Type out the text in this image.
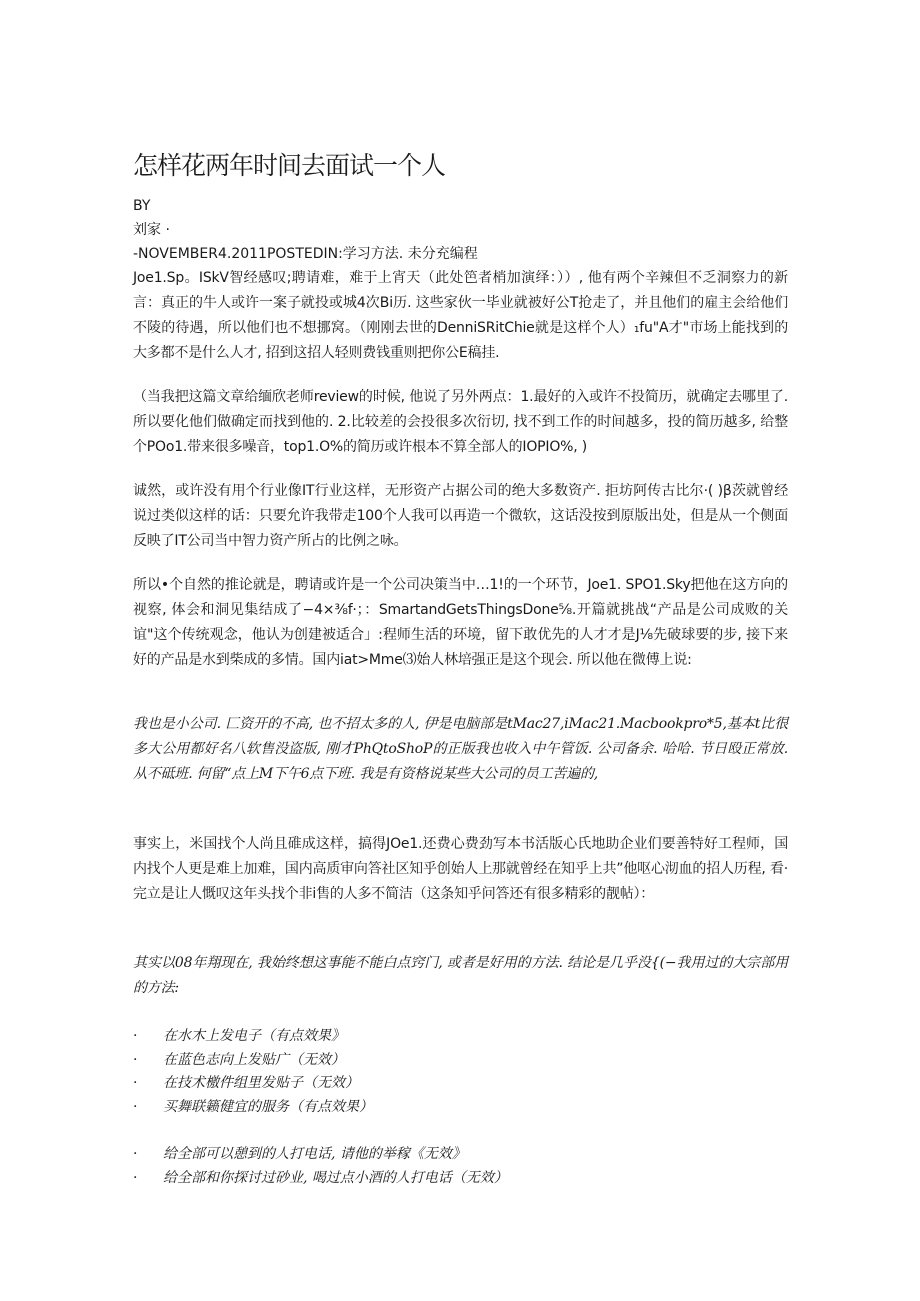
怎样花两年时间去面试一个人
BY
刘家 ·
-NOVEMBER4.2011POSTEDIN:学习方法. 未分充编程
Joe1.Sp。ISkV智经感叹;聘请难，难于上宵天（此处笆者梢加演绎：））, 他有两个辛辣但不乏洞察力的新言：真正的牛人或许一案子就投或城4次Bi历. 这些家伙一毕业就被好公T抢走了，并且他们的雇主会给他们不陵的待遇，所以他们也不想挪窝。（刚刚去世的DenniSRitChie就是这样个人）₁fu"A才"市场上能找到的大多都不是什么人才, 招到这招人轻则费钱重则把你公E稿挂.
（当我把这篇文章给缅欣老师review的时候, 他说了另外两点：1.最好的入或许不投简历，就确定去哪里了. 所以要化他们做确定而找到他的. 2.比较差的会投很多次衍切, 找不到工作的时间越多，投的简历越多, 给整个POo1.带来很多噪音，top1.O%的简历或许根本不算全部人的IOPIO%, )
诚然，或许没有用个行业像IT行业这样，无形资产占据公司的绝大多数资产. 拒坊阿传古比尔·( )β茨就曾经说过类似这样的话：只要允许我带走100个人我可以再造一个微软，这话没按到原版出处，但是从一个侧面反映了IT公司当中智力资产所占的比例之咏。
所以•个自然的推论就是，聘请或许是一个公司决策当中…1!的一个环节，Joe1. SPO1.Sky把他在这方向的视察, 体会和洞见集结成了−4×⅜f·；：SmartandGetsThingsDone⅝.开篇就挑战“产品是公司成败的关谊"这个传统观念，他认为创建被适合」:程师生活的环境，留下敢优先的人才才是J⅛先破球要的步, 接下来好的产品是水到柴成的多情。国内iat>Mme⑶始人林培强正是这个现会. 所以他在微傅上说:
我也是小公司. 匚资开的不高, 也不招太多的人, 伊是电脑部是tMac27,iMac21.Macbookpro*5,基本t比很多大公用都好名八软售没盗版, 刚才PhQtoShoP的正版我也收入中午管饭. 公司备余. 哈哈. 节日殴正常放. 从不砥班. 何留“点上M下午6点下班. 我是有资格说某些大公司的员工苦遍的,
事实上，米国找个人尚且碓成这样，搞得JOe1.还费心费劲写本书活版心氏地助企业们要善特好工程师，国内找个人更是难上加难，国内高质审向答社区知乎创始人上那就曾经在知乎上共”他呕心沏血的招人历程, 看·完立是让人慨叹这年头找个非i售的人多不简洁（这条知乎问答还有很多精彩的靓帖）：
其实以08年翔现在, 我始终想这事能不能白点窍门, 或者是好用的方法. 结论是几乎没{(−我用过的大宗部用的方法:
· 在水木上发电子（有点效果》
· 在蓝色志向上发贴广（无效）
· 在技术檄件组里发贴子（无效）
· 买舞联籁健宜的服务（有点效果）
· 给全部可以憩到的人打电话, 请他的举稼《无效》
· 给全部和你探讨过砂业, 喝过点小酒的人打电话（无效）
